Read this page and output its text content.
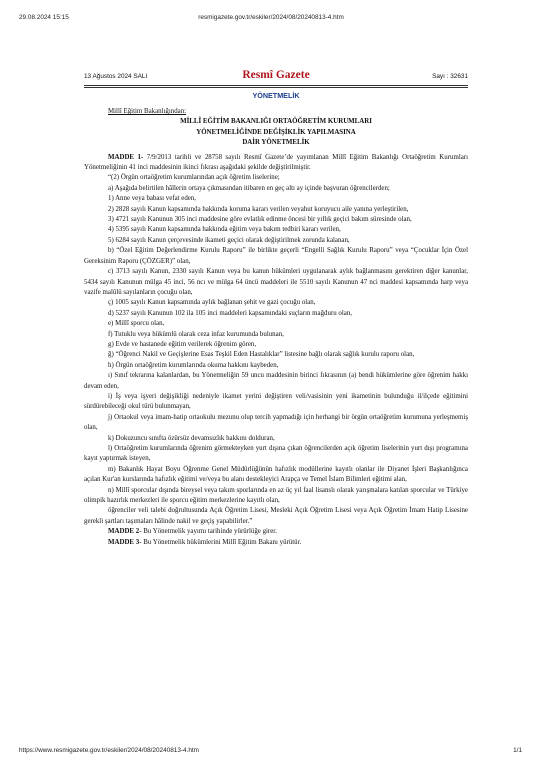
29.08.2024 15:15	resmigazete.gov.tr/eskiler/2024/08/20240813-4.htm
13 Ağustos 2024 SALI	Resmî Gazete	Sayı : 32631
YÖNETMELİK

Millî Eğitim Bakanlığından:

MİLLÎ EĞİTİM BAKANLIĞI ORTAÖĞRETİM KURUMLARI

YÖNETMELİĞİNDE DEĞİŞİKLİK YAPILMASINA

DAİR YÖNETMELİK

MADDE 1- 7/9/2013 tarihli ve 28758 sayılı Resmî Gazete’de yayımlanan Millî Eğitim Bakanlığı Ortaöğretim Kurumları Yönetmeliğinin 41 inci maddesinin ikinci fıkrası aşağıdaki şekilde değiştirilmiştir.

“(2) Örgün ortaöğretim kurumlarından açık öğretim liselerine;

a) Aşağıda belirtilen hâllerin ortaya çıkmasından itibaren en geç altı ay içinde başvuran öğrencilerden;

1) Anne veya babası vefat eden,

2) 2828 sayılı Kanun kapsamında hakkında koruma kararı verilen veyahut koruyucu aile yanına yerleştirilen,

3) 4721 sayılı Kanunun 305 inci maddesine göre evlatlık edinme öncesi bir yıllık geçici bakım süresinde olan,

4) 5395 sayılı Kanun kapsamında hakkında eğitim veya bakım tedbiri kararı verilen,

5) 6284 sayılı Kanun çerçevesinde ikameti geçici olarak değiştirilmek zorunda kalanan,

b) “Özel Eğitim Değerlendirme Kurulu Raporu” ile birlikte geçerli “Engelli Sağlık Kurulu Raporu” veya “Çocuklar İçin Özel Gereksinim Raporu (ÇÖZGER)” olan,

c) 3713 sayılı Kanun, 2330 sayılı Kanun veya bu kanun hükümleri uygulanarak aylık bağlanmasını gerektiren diğer kanunlar, 5434 sayılı Kanunun mülga 45 inci, 56 ncı ve mülga 64 üncü maddeleri ile 5510 sayılı Kanunun 47 nci maddesi kapsamında harp veya vazife malûlü sayılanların çocuğu olan,

ç) 1005 sayılı Kanun kapsamında aylık bağlanan şehit ve gazi çocuğu olan,

d) 5237 sayılı Kanunun 102 ila 105 inci maddeleri kapsamındaki suçların mağduru olan,

e) Millî sporcu olan,

f) Tutuklu veya hükümlü olarak ceza infaz kurumunda bulunan,

g) Evde ve hastanede eğitim verilerek öğrenim gören,

ğ) “Öğrenci Nakil ve Geçişlerine Esas Teşkil Eden Hastalıklar” listesine bağlı olarak sağlık kurulu raporu olan,

h) Örgün ortaöğretim kurumlarında okuma hakkını kaybeden,

ı) Sınıf tekrarına kalanlardan, bu Yönetmeliğin 59 uncu maddesinin birinci fıkrasının (a) bendi hükümlerine göre öğrenim hakkı devam eden,

i) İş veya işyeri değişikliği nedeniyle ikamet yerini değiştiren veli/vasisinin yeni ikametinin bulunduğu il/ilçede eğitimini sürdürebileceği okul türü bulunmayan,

j) Ortaokul veya imam-hatip ortaokulu mezunu olup tercih yapmadığı için herhangi bir örgün ortaöğretim kurumuna yerleşmemiş olan,

k) Dokuzuncu sınıfta özürsüz devamsızlık hakkını dolduran,

l) Ortaöğretim kurumlarında öğrenim görmekteyken yurt dışına çıkan öğrencilerden açık öğretim liselerinin yurt dışı programına kayıt yaptırmak isteyen,

m) Bakanlık Hayat Boyu Öğrenme Genel Müdürlüğünün hafızlık modüllerine kayıtlı olanlar ile Diyanet İşleri Başkanlığınca açılan Kur'an kurslarında hafızlık eğitimi ve/veya bu alanı destekleyici Arapça ve Temel İslam Bilimleri eğitimi alan,

n) Millî sporcular dışında bireysel veya takım sporlarında en az üç yıl faal lisanslı olarak yarışmalara katılan sporcular ve Türkiye olimpik hazırlık merkezleri ile sporcu eğitim merkezlerine kayıtlı olan,

öğrenciler veli talebi doğrultusunda Açık Öğretim Lisesi, Mesleki Açık Öğretim Lisesi veya Açık Öğretim İmam Hatip Lisesine gerekli şartları taşımaları hâlinde nakil ve geçiş yapabilirler.”

MADDE 2- Bu Yönetmelik yayımı tarihinde yürürlüğe girer.

MADDE 3- Bu Yönetmelik hükümlerini Millî Eğitim Bakanı yürütür.

https://www.resmigazete.gov.tr/eskiler/2024/08/20240813-4.htm	1/1
